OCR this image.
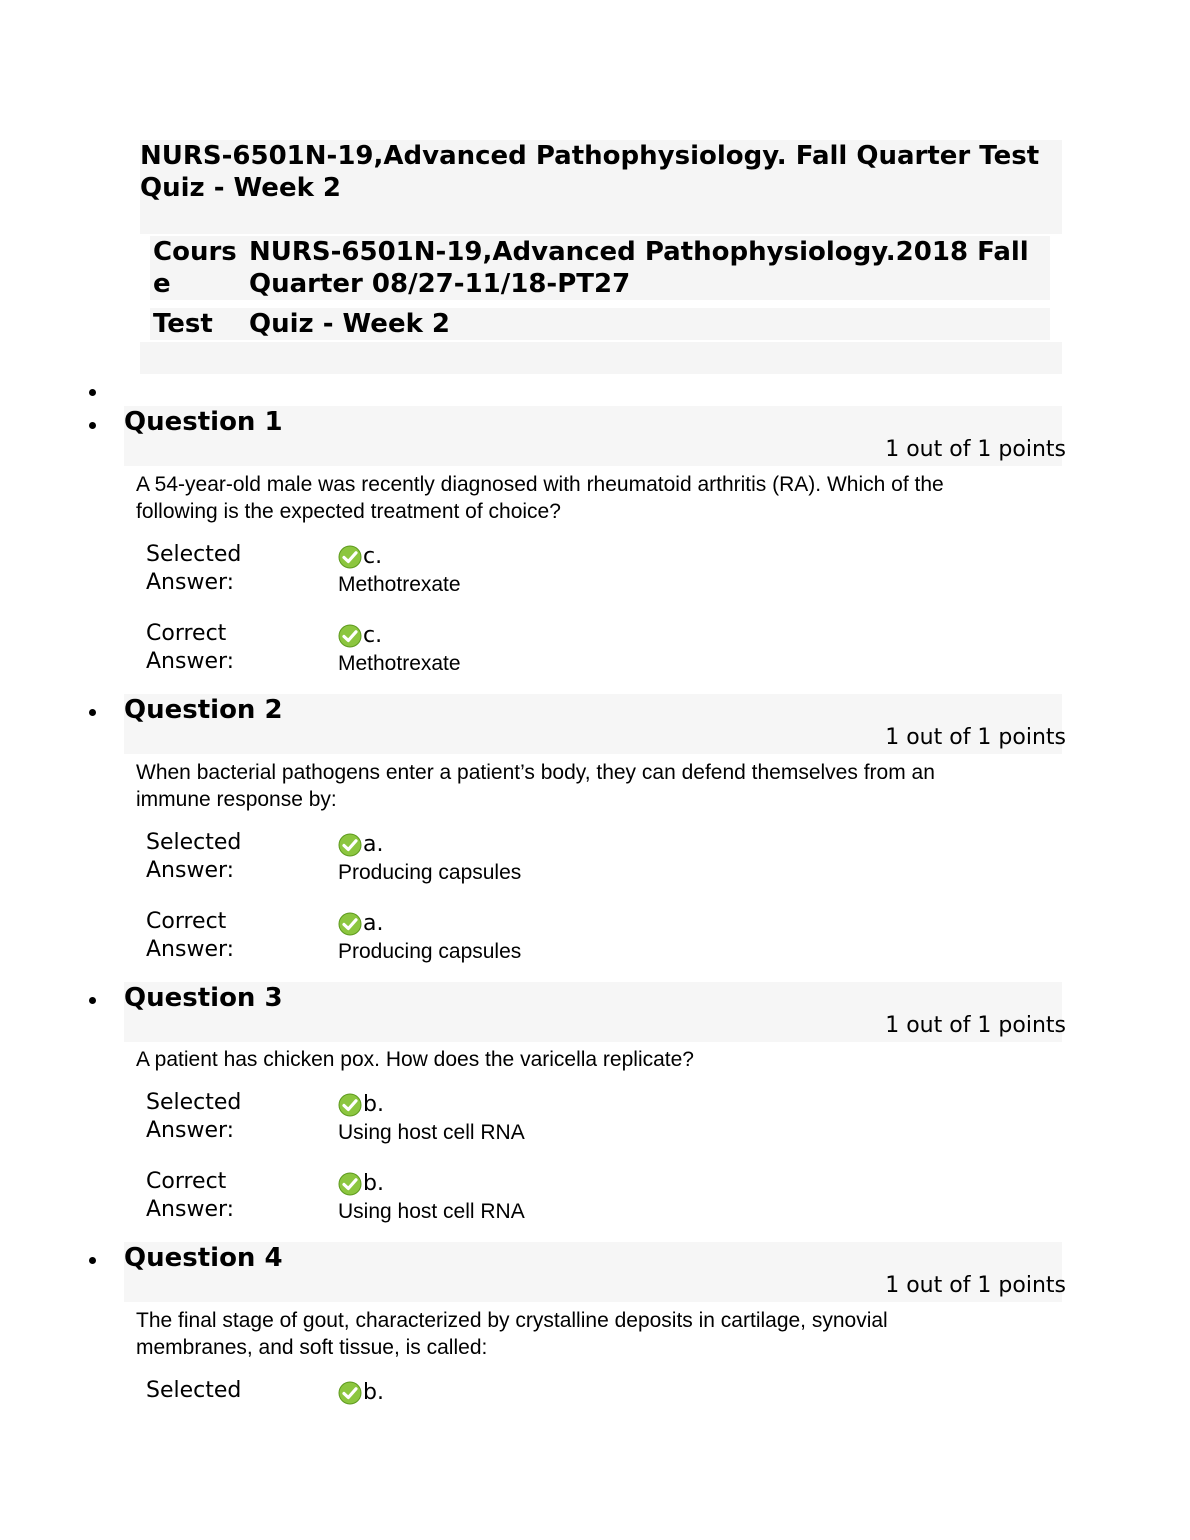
NURS-6501N-19,Advanced Pathophysiology. Fall Quarter Test Quiz - Week 2
Course
NURS-6501N-19,Advanced Pathophysiology.2018 Fall Quarter 08/27-11/18-PT27
Test	Quiz - Week 2
Question 1
1 out of 1 points
A 54-year-old male was recently diagnosed with rheumatoid arthritis (RA). Which of the following is the expected treatment of choice?
Selected Answer:
c.
Methotrexate
Correct Answer:
c.
Methotrexate
Question 2
1 out of 1 points
When bacterial pathogens enter a patient’s body, they can defend themselves from an immune response by:
Selected Answer:
a.
Producing capsules
Correct Answer:
a.
Producing capsules
Question 3
1 out of 1 points
A patient has chicken pox. How does the varicella replicate?
Selected Answer:
b.
Using host cell RNA
Correct Answer:
b.
Using host cell RNA
Question 4
1 out of 1 points
The final stage of gout, characterized by crystalline deposits in cartilage, synovial membranes, and soft tissue, is called:
Selected	b.
